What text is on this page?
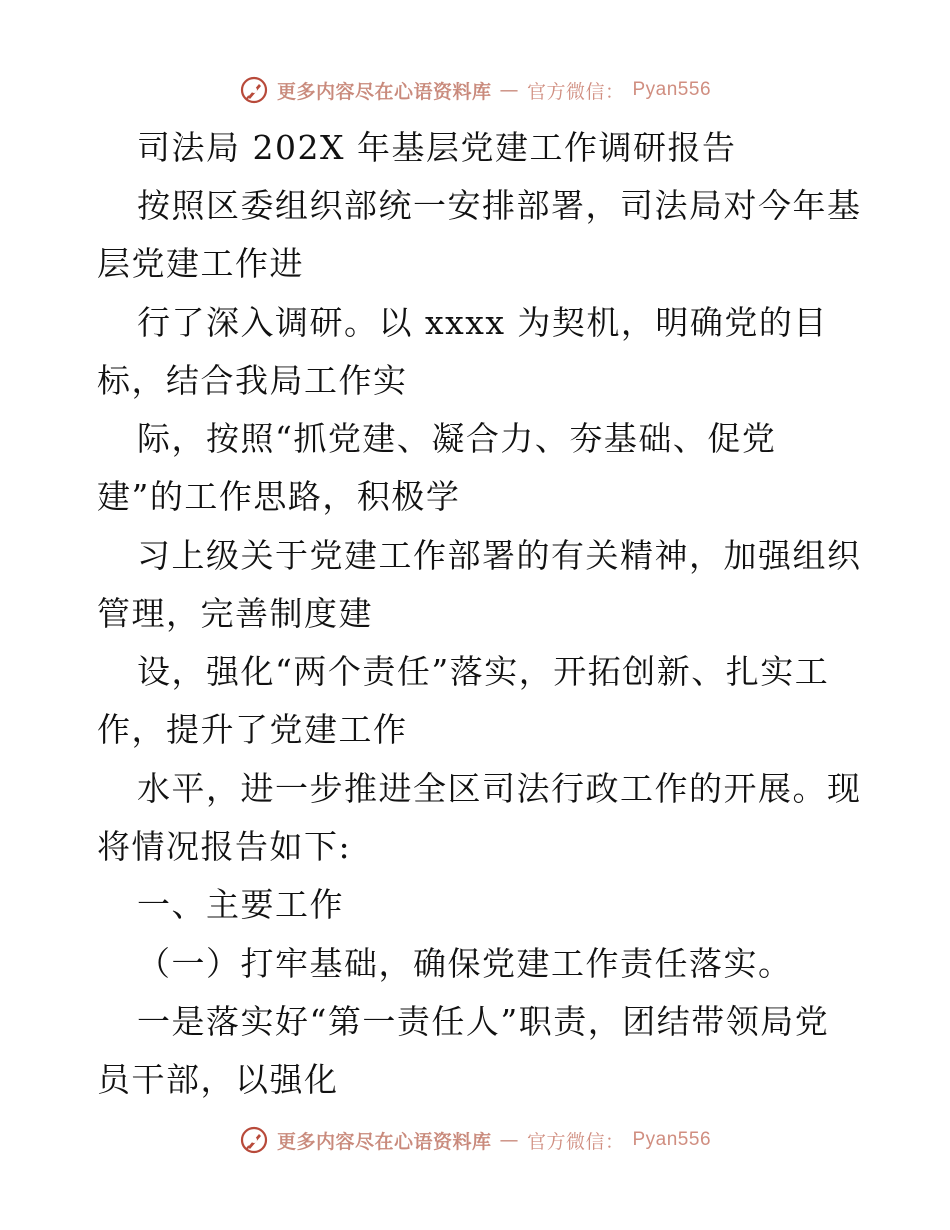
更多内容尽在心语资料库 — 官方微信： Pyan556
司法局 202X 年基层党建工作调研报告
按照区委组织部统一安排部署，司法局对今年基
层党建工作进
行了深入调研。以 xxxx 为契机，明确党的目
标，结合我局工作实
际，按照“抓党建、凝合力、夯基础、促党
建”的工作思路，积极学
习上级关于党建工作部署的有关精神，加强组织
管理，完善制度建
设，强化“两个责任”落实，开拓创新、扎实工
作，提升了党建工作
水平，进一步推进全区司法行政工作的开展。现
将情况报告如下:
一、主要工作
（一）打牢基础，确保党建工作责任落实。
一是落实好“第一责任人”职责，团结带领局党
员干部，以强化
更多内容尽在心语资料库 — 官方微信： Pyan556
